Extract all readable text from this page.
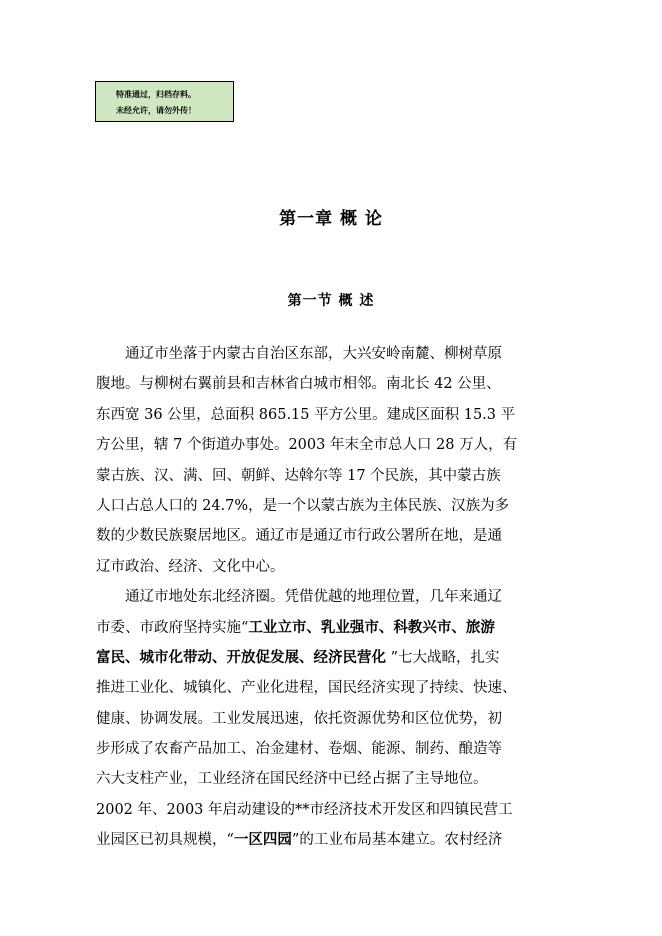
特准通过，归档存料。
未经允许，请勿外传！
第一章 概 论
第一节 概 述
通辽市坐落于内蒙古自治区东部，大兴安岭南麓、柳树草原
腹地。与柳树右翼前县和吉林省白城市相邻。南北长 42 公里、
东西宽 36 公里，总面积 865.15 平方公里。建成区面积 15.3 平
方公里，辖 7 个街道办事处。2003 年末全市总人口 28 万人，有
蒙古族、汉、满、回、朝鲜、达斡尔等 17 个民族，其中蒙古族
人口占总人口的 24.7%，是一个以蒙古族为主体民族、汉族为多
数的少数民族聚居地区。通辽市是通辽市行政公署所在地，是通
辽市政治、经济、文化中心。
通辽市地处东北经济圈。凭借优越的地理位置，几年来通辽
市委、市政府坚持实施“工业立市、乳业强市、科教兴市、旅游
富民、城市化带动、开放促发展、经济民营化 ”七大战略，扎实
推进工业化、城镇化、产业化进程，国民经济实现了持续、快速、
健康、协调发展。工业发展迅速，依托资源优势和区位优势，初
步形成了农畜产品加工、冶金建材、卷烟、能源、制药、酿造等
六大支柱产业，工业经济在国民经济中已经占据了主导地位。
2002 年、2003 年启动建设的**市经济技术开发区和四镇民营工
业园区已初具规模，“一区四园”的工业布局基本建立。农村经济
